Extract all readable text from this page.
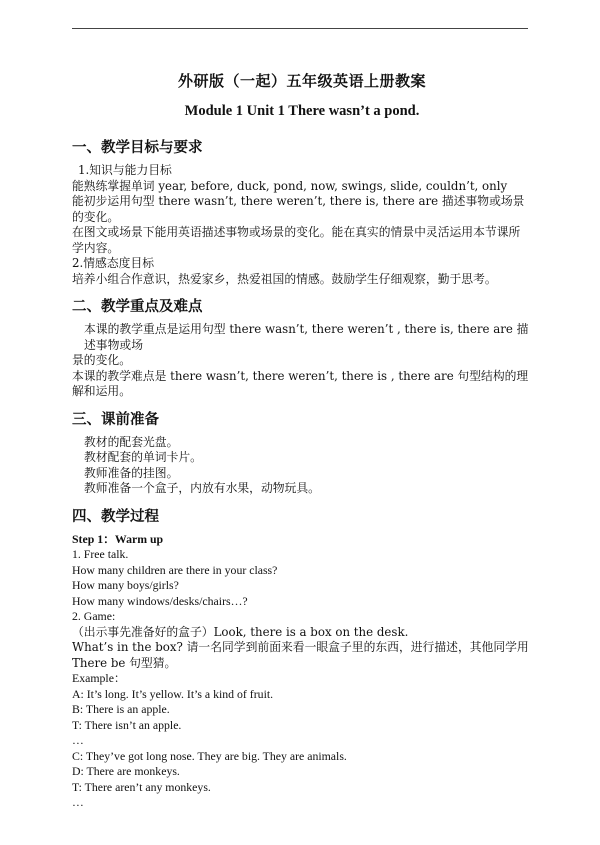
外研版（一起）五年级英语上册教案
Module 1 Unit 1 There wasn’t a pond.
一、教学目标与要求
1.知识与能力目标
能熟练掌握单词 year, before, duck, pond, now, swings, slide, couldn’t, only
能初步运用句型 there wasn’t, there weren’t, there is, there are 描述事物或场景的变化。
在图文或场景下能用英语描述事物或场景的变化。能在真实的情景中灵活运用本节课所
学内容。
2.情感态度目标
培养小组合作意识，热爱家乡，热爱祖国的情感。鼓励学生仔细观察，勤于思考。
二、教学重点及难点
本课的教学重点是运用句型 there wasn’t, there weren’t , there is, there are 描述事物或场
景的变化。
本课的教学难点是 there wasn’t, there weren’t, there is , there are 句型结构的理解和运用。
三、课前准备
教材的配套光盘。
教材配套的单词卡片。
教师准备的挂图。
教师准备一个盒子，内放有水果，动物玩具。
四、教学过程
Step 1：Warm up
1. Free talk.
How many children are there in your class?
How many boys/girls?
How many windows/desks/chairs…?
2. Game:
（出示事先准备好的盒子）Look, there is a box on the desk.
What’s in the box? 请一名同学到前面来看一眼盒子里的东西，进行描述，其他同学用
There be 句型猜。
Example：
A: It’s long. It’s yellow. It’s a kind of fruit.
B: There is an apple.
T: There isn’t an apple.
…
C: They’ve got long nose. They are big. They are animals.
D: There are monkeys.
T: There aren’t any monkeys.
…
